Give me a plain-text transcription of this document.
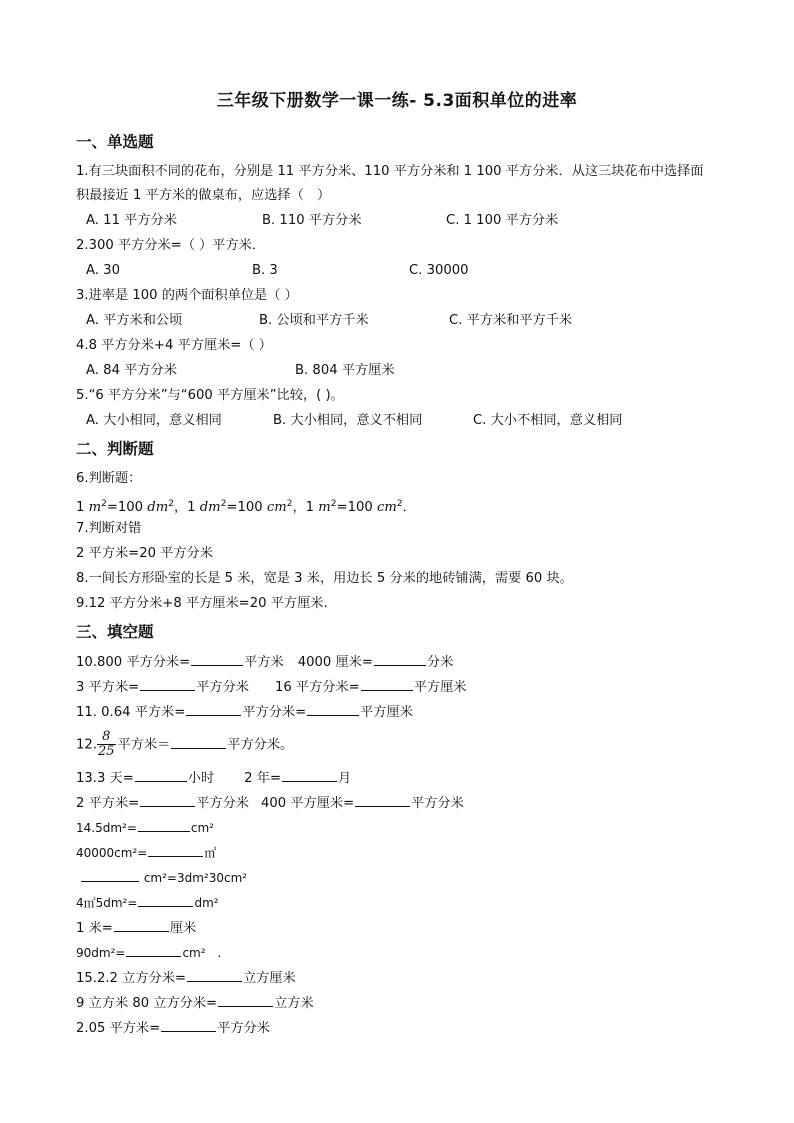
三年级下册数学一课一练- 5.3面积单位的进率
一、单选题
1.有三块面积不同的花布，分别是 11 平方分米、110 平方分米和 1 100 平方分米．从这三块花布中选择面
积最接近 1 平方米的做桌布，应选择（　）
A. 11 平方分米	B. 110 平方分米	C. 1 100 平方分米
2.300 平方分米=（ ）平方米．
A. 30	B. 3	C. 30000
3.进率是 100 的两个面积单位是（ ）
A. 平方米和公顷	B. 公顷和平方千米	C. 平方米和平方千米
4.8 平方分米+4 平方厘米=（ ）
A. 84 平方分米	B. 804 平方厘米
5.“6 平方分米”与“600 平方厘米”比较，( )。
A. 大小相同，意义相同	B. 大小相同，意义不相同	C. 大小不相同，意义相同
二、判断题
6.判断题：
1 $m^2=100$ $dm^2$，1 $dm^2=100$ $cm^2$，1 $m^2=100$ $cm^2$．
7.判断对错
2 平方米=20 平方分米
8.一间长方形卧室的长是 5 米，宽是 3 米，用边长 5 分米的地砖铺满，需要 60 块。
9.12 平方分米+8 平方厘米=20 平方厘米.
三、填空题
10.800 平方分米=	平方米 4000 厘米=	分米
3 平方米=	平方分米 16 平方分米=	平方厘米
11. 0.64 平方米=	平方分米=	平方厘米
12. $\frac{8}{25}$ 平方米＝	平方分米。
13.3 天=	小时 2 年=	月
2 平方米=	平方分米 400 平方厘米=	平方分米
14.5dm²=	cm²
40000cm²=	㎡
cm²=3dm²30cm²
4㎡5dm²=	dm²
1 米=	厘米
90dm²=	cm²　.
15.2.2 立方分米=	立方厘米
9 立方米 80 立方分米=	立方米
2.05 平方米=	平方分米
